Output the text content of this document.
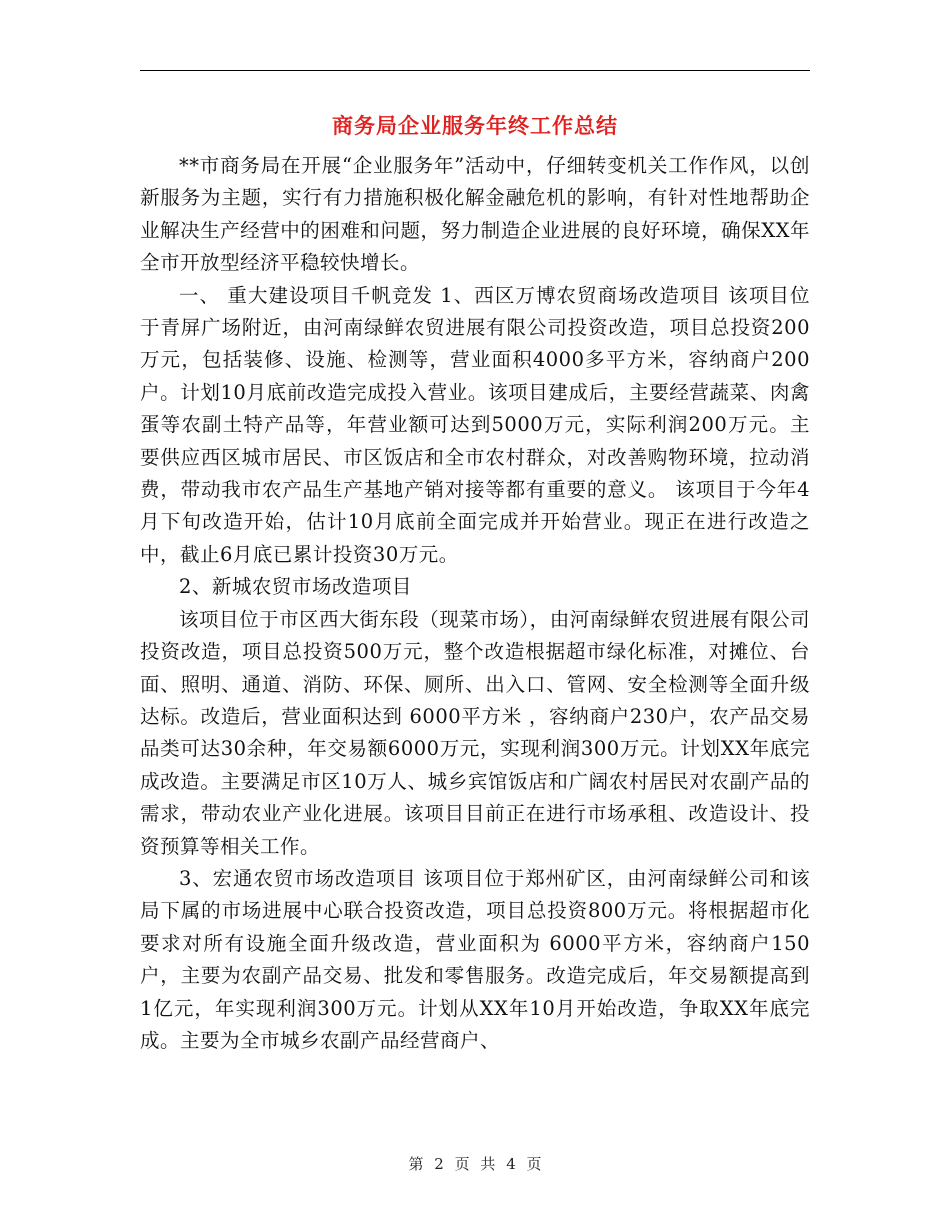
商务局企业服务年终工作总结

**市商务局在开展“企业服务年”活动中，仔细转变机关工作作风，以创新服务为主题，实行有力措施积极化解金融危机的影响，有针对性地帮助企业解决生产经营中的困难和问题，努力制造企业进展的良好环境，确保XX年全市开放型经济平稳较快增长。

一、 重大建设项目千帆竞发 1、西区万博农贸商场改造项目 该项目位于青屏广场附近，由河南绿鲜农贸进展有限公司投资改造，项目总投资200万元，包括装修、设施、检测等，营业面积4000多平方米，容纳商户200户。计划10月底前改造完成投入营业。该项目建成后，主要经营蔬菜、肉禽蛋等农副土特产品等，年营业额可达到5000万元，实际利润200万元。主要供应西区城市居民、市区饭店和全市农村群众，对改善购物环境，拉动消费，带动我市农产品生产基地产销对接等都有重要的意义。 该项目于今年4月下旬改造开始，估计10月底前全面完成并开始营业。现正在进行改造之中，截止6月底已累计投资30万元。

2、新城农贸市场改造项目

该项目位于市区西大街东段（现菜市场），由河南绿鲜农贸进展有限公司投资改造，项目总投资500万元，整个改造根据超市绿化标准，对摊位、台面、照明、通道、消防、环保、厕所、出入口、管网、安全检测等全面升级达标。改造后，营业面积达到 6000平方米 ，容纳商户230户，农产品交易品类可达30余种，年交易额6000万元，实现利润300万元。计划XX年底完成改造。主要满足市区10万人、城乡宾馆饭店和广阔农村居民对农副产品的需求，带动农业产业化进展。该项目目前正在进行市场承租、改造设计、投资预算等相关工作。

3、宏通农贸市场改造项目 该项目位于郑州矿区，由河南绿鲜公司和该局下属的市场进展中心联合投资改造，项目总投资800万元。将根据超市化要求对所有设施全面升级改造，营业面积为 6000平方米，容纳商户150户，主要为农副产品交易、批发和零售服务。改造完成后，年交易额提高到1亿元，年实现利润300万元。计划从XX年10月开始改造，争取XX年底完成。主要为全市城乡农副产品经营商户、

第 2 页 共 4 页
